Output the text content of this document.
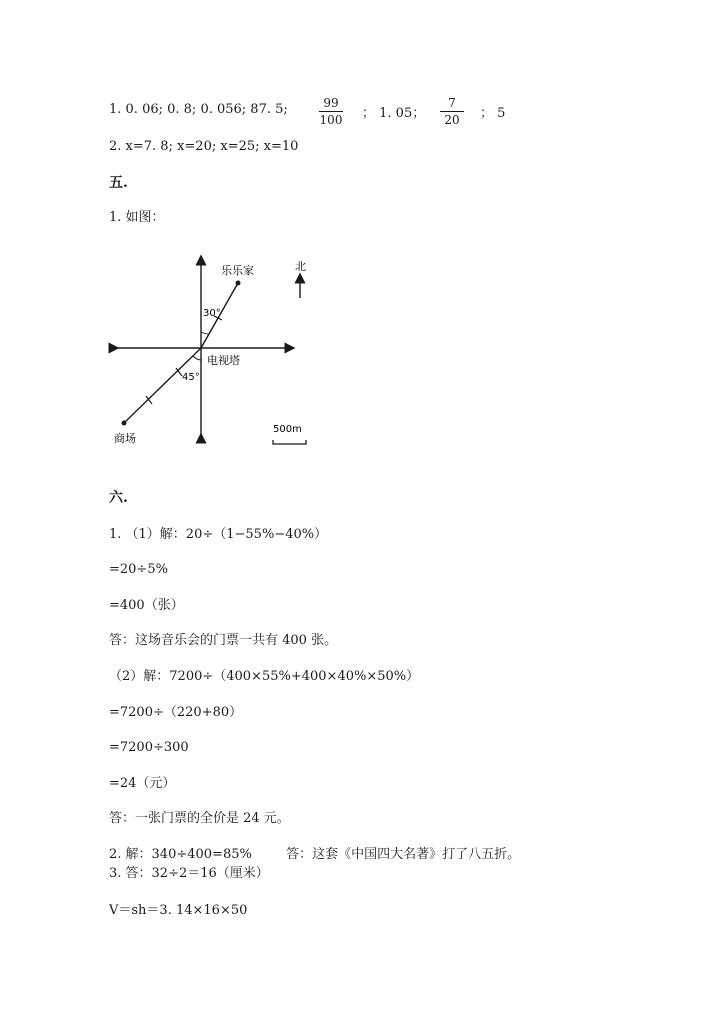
1. 0. 06; 0. 8; 0. 056; 87. 5;	99
100 ； 1. 05；
7
20	； 5
2. x=7. 8; x=20; x=25; x=10
五.
1. 如图：
乐乐家
30°
电视塔
45°
商场
北
500m
六.
1. （1）解：20÷（1−55%−40%）
=20÷5%
=400（张）
答：这场音乐会的门票一共有 400 张。
（2）解：7200÷（400×55%+400×40%×50%）
=7200÷（220+80）
=7200÷300
=24（元）
答：一张门票的全价是 24 元。
2. 解：340÷400=85%	答：这套《中国四大名著》打了八五折。
3. 答：32÷2＝16（厘米）
V＝sh＝3. 14×16×50
